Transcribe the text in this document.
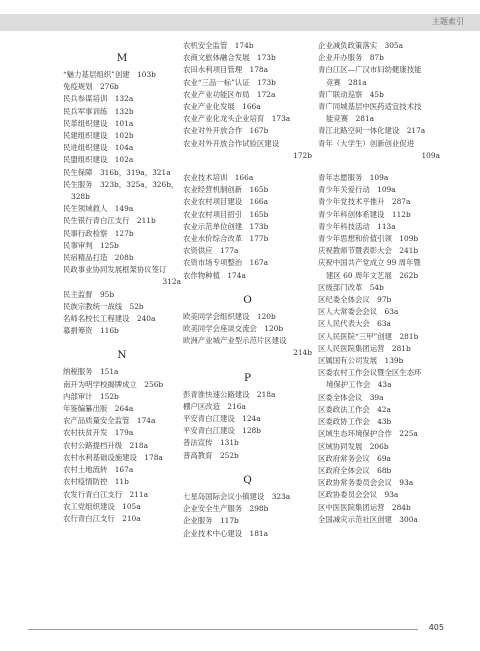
主题索引
M
“魅力基层组织”创建　103b
免疫规划　276b
民兵参谋培训　132a
民兵军事训练　132b
民革组织建设　101a
民建组织建设　102b
民进组织建设　104a
民盟组织建设　102a
民生保障　316b，319a，321a
民生服务　323b，325a，326b，
328b
民生领域救人　149a
民生银行青白江支行　211b
民事行政检察　127b
民事审判　125b
民宿精品打造　208b
民政事业协同发展框架协议签订
312a
民主监督　95b
民族宗教统一战线　52b
名师名校长工程建设　240a
募捐筹资　116b
N
纳税服务　151a
南开为明学校揭牌成立　256b
内部审计　152b
年鉴编纂出版　264a
农产品质量安全监管　174a
农村扶贫开发　179a
农村公路提档升级　218a
农村水利基础设施建设　178a
农村土地流转　167a
农村疫情防控　11b
农发行青白江支行　211a
农工党组织建设　105a
农行青白江支行　210a
农机安全监管　174b
农商文旅体融合发展　173b
农田水利项目管理　178a
农业“三品一标”认证　173b
农业产业功能区布局　172a
农业产业化发展　166a
农业产业化龙头企业培育　173a
农业对外开放合作　167b
农业对外开放合作试验区建设
172b
农业技术培训　166a
农业经营机制创新　165b
农业农村项目建设　166a
农业农村项目招引　165b
农业示范单位创建　173b
农业水价综合改革　177b
农资供应　177a
农资市场专项整治　167a
农作物种植　174a
O
欧美同学会组织建设　120b
欧美同学会座谈交流会　120b
欧洲产业城产业型示范片区建设
214b
P
彭青淮快速公路建设　218a
棚户区改造　216a
平安青白江建设　124a
平安青白江建设　128b
普法宣传　131b
普高教育　252b
Q
七星岛国际会议小镇建设　323a
企业安全生产服务　298b
企业服务　117b
企业技术中心建设　181a
企业减负政策落实　305a
企业开办服务　87b
青白江区—广汉市妇幼健康技能
竞赛　281a
青广联动巡察　45b
青广同城基层中医药适宜技术技
能竞赛　281a
青江北路空间一体化建设　217a
青年（大学生）创新创业促进
109a
青年志愿服务　109a
青少年关爱行动　109a
青少年党技术平推升　287a
青少年科创体系建设　112b
青少年科技活动　113a
青少年思想和价值引领　109b
庆祝教师节暨表彰大会　241b
庆祝中国共产党成立 99 周年暨
建区 60 周年文艺展　262b
区级部门改革　54b
区纪委全体会议　97b
区人大常委会会议　63a
区人民代表大会　63a
区人民医院“三甲”创建　281b
区人民医院集团运营　281b
区属国有公司发展　139b
区委农村工作会议暨全区生态环
境保护工作会　43a
区委全体会议　39a
区委政法工作会　42a
区委政协工作会　43b
区域生态环境保护合作　225a
区域协同发展　206b
区政府常务会议　69a
区政府全体会议　68b
区政协常务委员会会议　93a
区政协委员会会议　93a
区中医医院集团运营　284b
全国减灾示范社区创建　300a
405
